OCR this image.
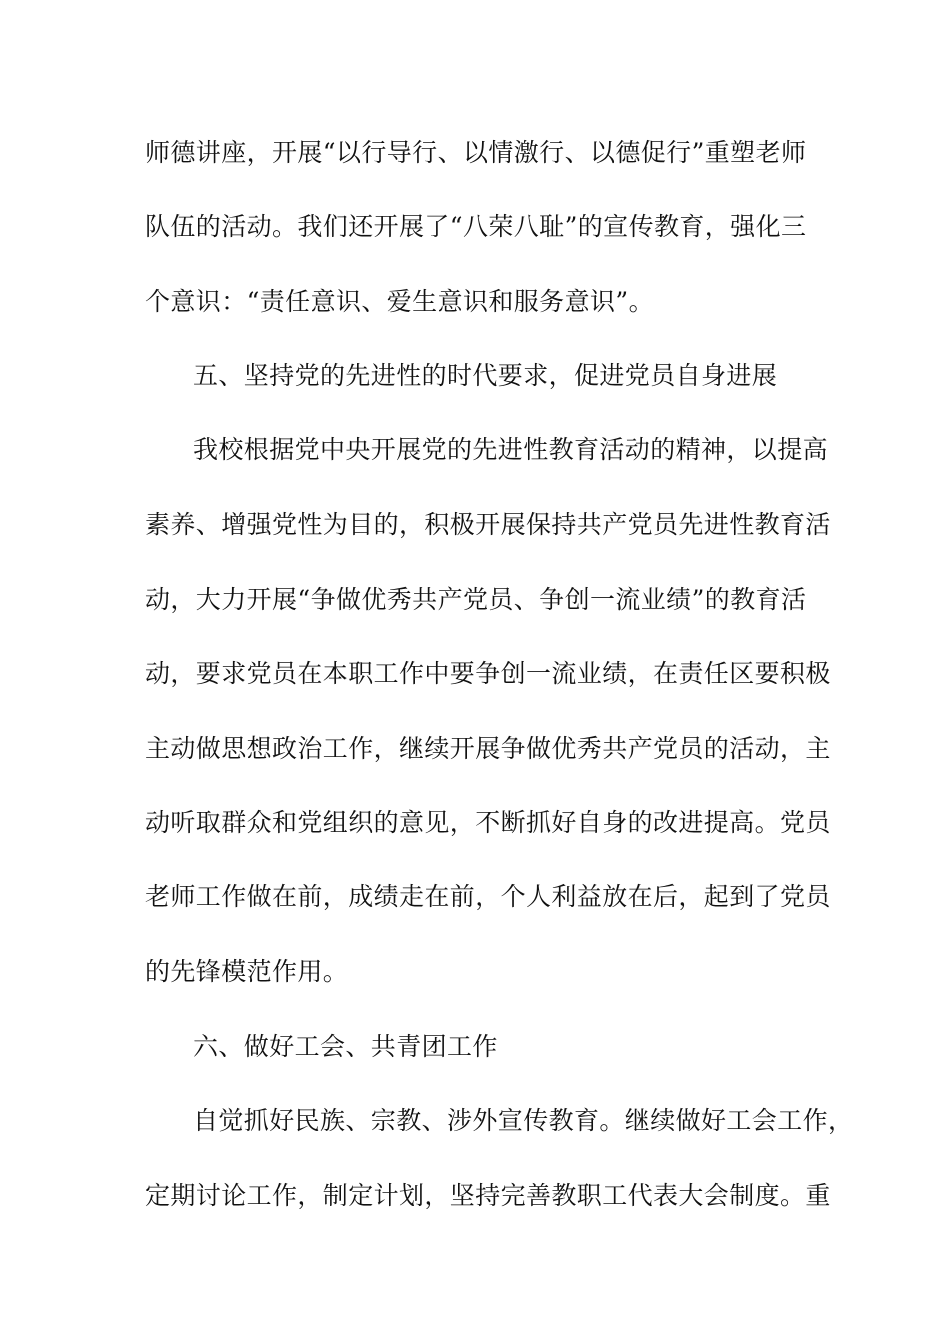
师德讲座，开展“以行导行、以情激行、以德促行”重塑老师
队伍的活动。我们还开展了“八荣八耻”的宣传教育，强化三
个意识：“责任意识、爱生意识和服务意识”。
五、坚持党的先进性的时代要求，促进党员自身进展
我校根据党中央开展党的先进性教育活动的精神，以提高
素养、增强党性为目的，积极开展保持共产党员先进性教育活
动，大力开展“争做优秀共产党员、争创一流业绩”的教育活
动，要求党员在本职工作中要争创一流业绩，在责任区要积极
主动做思想政治工作，继续开展争做优秀共产党员的活动，主
动听取群众和党组织的意见，不断抓好自身的改进提高。党员
老师工作做在前，成绩走在前，个人利益放在后，起到了党员
的先锋模范作用。
六、做好工会、共青团工作
自觉抓好民族、宗教、涉外宣传教育。继续做好工会工作，
定期讨论工作，制定计划，坚持完善教职工代表大会制度。重
